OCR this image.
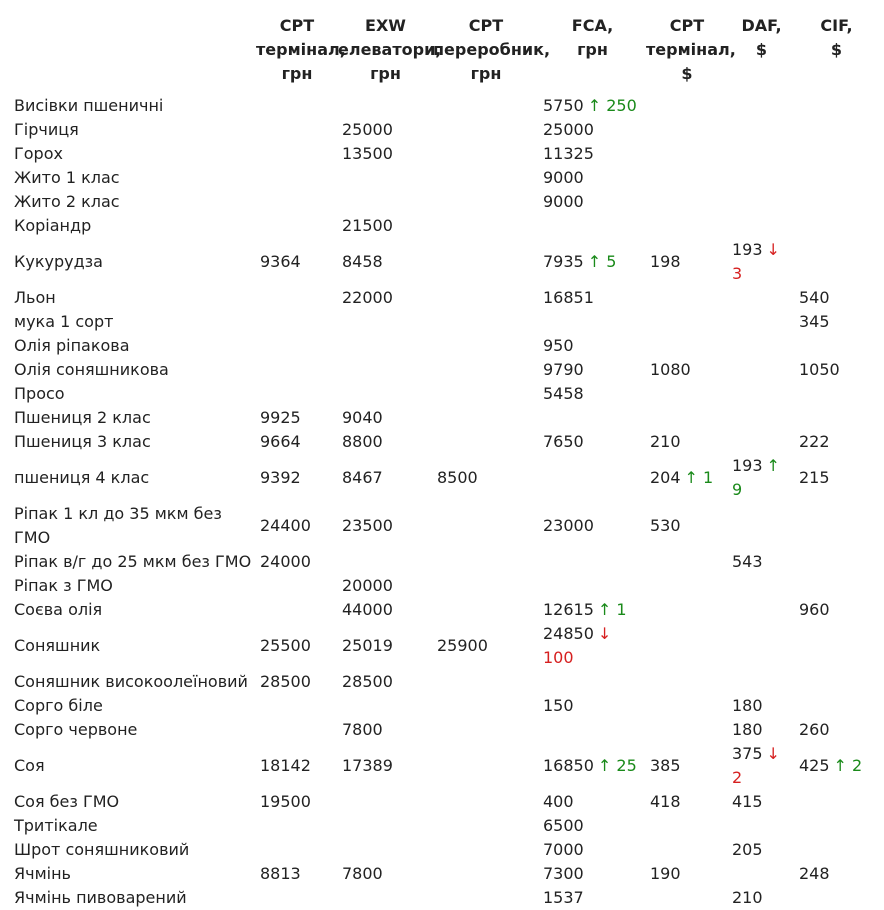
	CPT
термінал,
грн	EXW
елеватори,
грн	CPT
переробник,
грн	FCA,
грн	CPT
термінал,
$	DAF,
$	CIF,
$
Висівки пшеничні				5750 ↑ 250			
Гірчиця		25000		25000			
Горох		13500		11325			
Жито 1 клас				9000			
Жито 2 клас				9000			
Коріандр		21500					
Кукурудза	9364	8458		7935 ↑ 5	198	193 ↓ 3	
Льон		22000		16851			540
мука 1 сорт							345
Олія ріпакова				950			
Олія соняшникова				9790	1080		1050
Просо				5458			
Пшениця 2 клас	9925	9040					
Пшениця 3 клас	9664	8800		7650	210		222
пшениця 4 клас	9392	8467	8500		204 ↑ 1	193 ↑ 9	215
Ріпак 1 кл до 35 мкм без ГМО	24400	23500		23000	530		
Ріпак в/г до 25 мкм без ГМО	24000					543	
Ріпак з ГМО		20000					
Соєва олія		44000		12615 ↑ 1			960
Соняшник	25500	25019	25900	24850 ↓ 100			
Соняшник високоолеїновий	28500	28500					
Сорго біле				150		180	
Сорго червоне		7800				180	260
Соя	18142	17389		16850 ↑ 25	385	375 ↓ 2	425 ↑ 2
Соя без ГМО	19500			400	418	415	
Тритікале				6500			
Шрот соняшниковий				7000		205	
Ячмінь	8813	7800		7300	190		248
Ячмінь пивоварений				1537		210	
